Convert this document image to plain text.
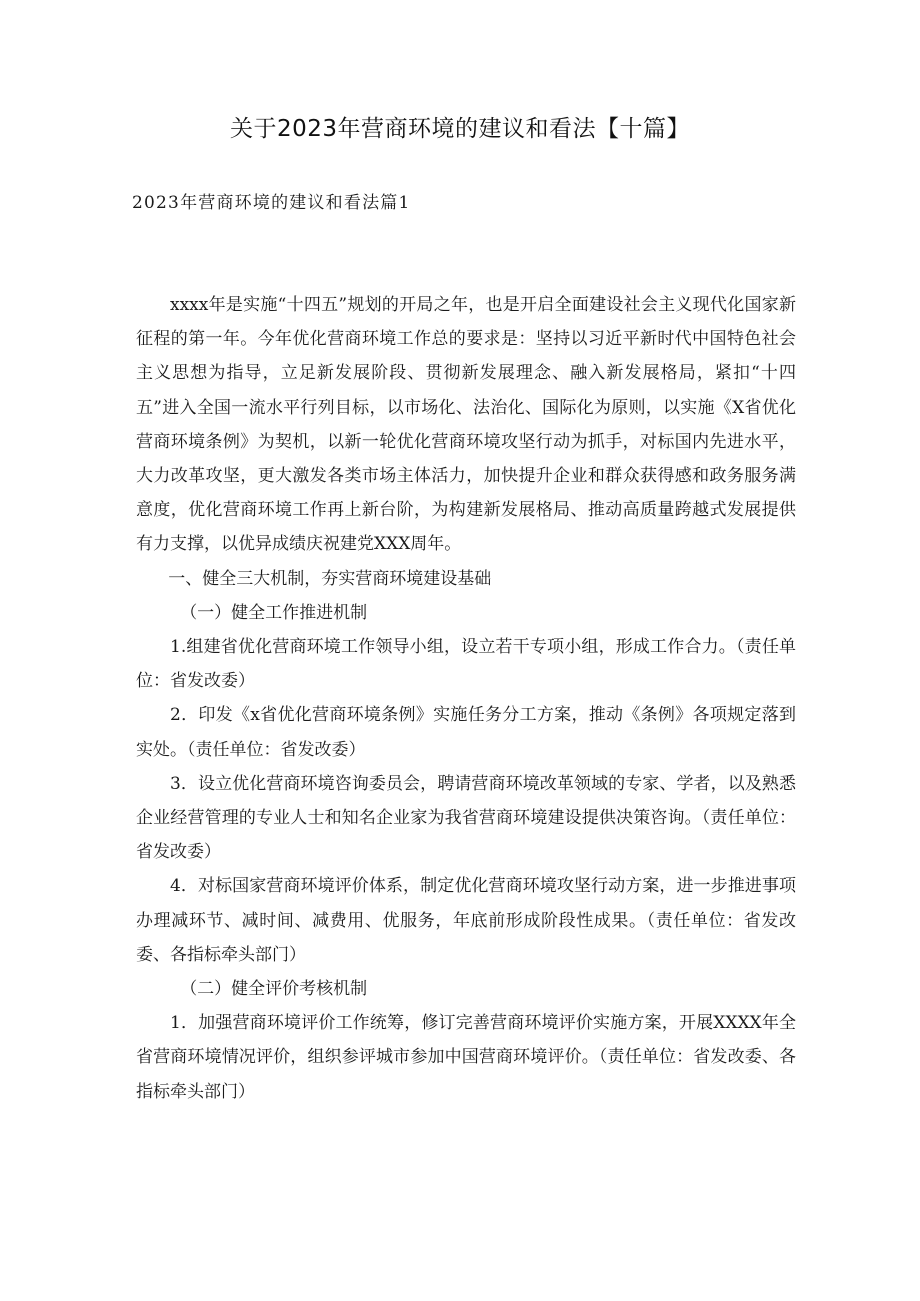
关于2023年营商环境的建议和看法【十篇】
2023年营商环境的建议和看法篇1

xxxx年是实施“十四五”规划的开局之年，也是开启全面建设社会主义现代化国家新征程的第一年。今年优化营商环境工作总的要求是：坚持以习近平新时代中国特色社会主义思想为指导，立足新发展阶段、贯彻新发展理念、融入新发展格局，紧扣“十四五”进入全国一流水平行列目标，以市场化、法治化、国际化为原则，以实施《X省优化营商环境条例》为契机，以新一轮优化营商环境攻坚行动为抓手，对标国内先进水平，大力改革攻坚，更大激发各类市场主体活力，加快提升企业和群众获得感和政务服务满意度，优化营商环境工作再上新台阶，为构建新发展格局、推动高质量跨越式发展提供有力支撑，以优异成绩庆祝建党XXX周年。

一、健全三大机制，夯实营商环境建设基础

（一）健全工作推进机制

1.组建省优化营商环境工作领导小组，设立若干专项小组，形成工作合力。（责任单位：省发改委）

2．印发《x省优化营商环境条例》实施任务分工方案，推动《条例》各项规定落到实处。（责任单位：省发改委）

3．设立优化营商环境咨询委员会，聘请营商环境改革领域的专家、学者，以及熟悉企业经营管理的专业人士和知名企业家为我省营商环境建设提供决策咨询。（责任单位：省发改委）

4．对标国家营商环境评价体系，制定优化营商环境攻坚行动方案，进一步推进事项办理减环节、减时间、减费用、优服务，年底前形成阶段性成果。（责任单位：省发改委、各指标牵头部门）

（二）健全评价考核机制

1．加强营商环境评价工作统筹，修订完善营商环境评价实施方案，开展XXXX年全省营商环境情况评价，组织参评城市参加中国营商环境评价。（责任单位：省发改委、各指标牵头部门）
